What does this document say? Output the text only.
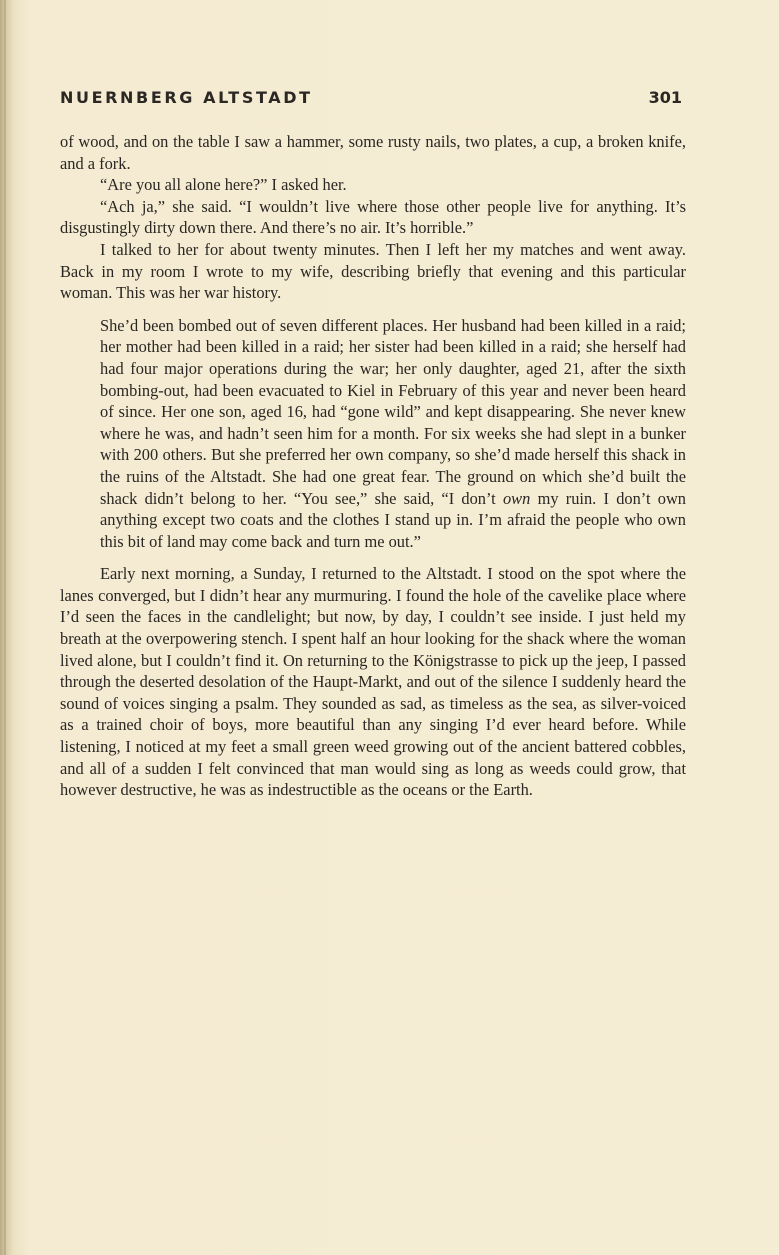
NUERNBERG ALTSTADT	301

of wood, and on the table I saw a hammer, some rusty nails, two plates, a cup, a broken knife, and a fork.

“Are you all alone here?” I asked her.

“Ach ja,” she said. “I wouldn’t live where those other people live for anything. It’s disgustingly dirty down there. And there’s no air. It’s horrible.”

I talked to her for about twenty minutes. Then I left her my matches and went away. Back in my room I wrote to my wife, describing briefly that evening and this particular woman. This was her war history.

She’d been bombed out of seven different places. Her husband had been killed in a raid; her mother had been killed in a raid; her sister had been killed in a raid; she herself had had four major operations during the war; her only daughter, aged 21, after the sixth bombing-out, had been evacuated to Kiel in February of this year and never been heard of since. Her one son, aged 16, had “gone wild” and kept disappearing. She never knew where he was, and hadn’t seen him for a month. For six weeks she had slept in a bunker with 200 others. But she preferred her own company, so she’d made herself this shack in the ruins of the Altstadt. She had one great fear. The ground on which she’d built the shack didn’t belong to her. “You see,” she said, “I don’t own my ruin. I don’t own anything except two coats and the clothes I stand up in. I’m afraid the people who own this bit of land may come back and turn me out.”

Early next morning, a Sunday, I returned to the Altstadt. I stood on the spot where the lanes converged, but I didn’t hear any murmuring. I found the hole of the cavelike place where I’d seen the faces in the candlelight; but now, by day, I couldn’t see inside. I just held my breath at the overpowering stench. I spent half an hour looking for the shack where the woman lived alone, but I couldn’t find it. On returning to the Königstrasse to pick up the jeep, I passed through the deserted desolation of the Haupt-Markt, and out of the silence I suddenly heard the sound of voices singing a psalm. They sounded as sad, as timeless as the sea, as silver-voiced as a trained choir of boys, more beautiful than any singing I’d ever heard before. While listening, I noticed at my feet a small green weed growing out of the ancient battered cobbles, and all of a sudden I felt convinced that man would sing as long as weeds could grow, that however destructive, he was as indestructible as the oceans or the Earth.
